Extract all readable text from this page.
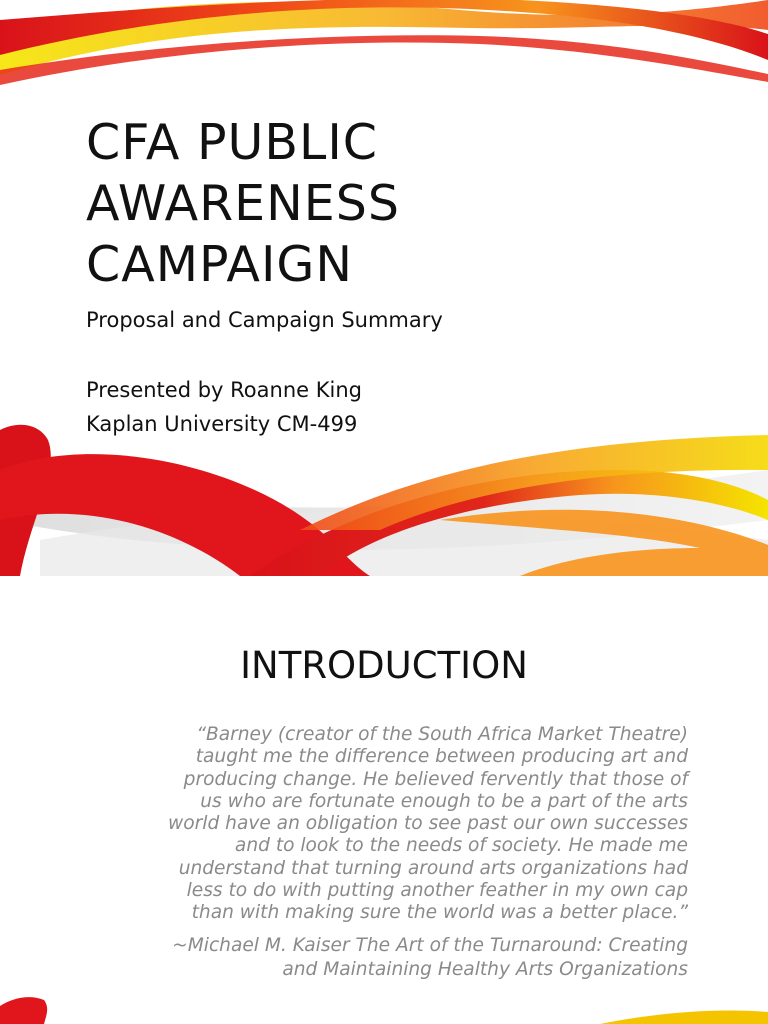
CFA PUBLIC
AWARENESS
CAMPAIGN

Proposal and Campaign Summary

Presented by Roanne King

Kaplan University CM-499

INTRODUCTION

“Barney (creator of the South Africa Market Theatre)
taught me the difference between producing art and
producing change. He believed fervently that those of
us who are fortunate enough to be a part of the arts
world have an obligation to see past our own successes
and to look to the needs of society. He made me
understand that turning around arts organizations had
less to do with putting another feather in my own cap
than with making sure the world was a better place.”

~Michael M. Kaiser The Art of the Turnaround: Creating
and Maintaining Healthy Arts Organizations
